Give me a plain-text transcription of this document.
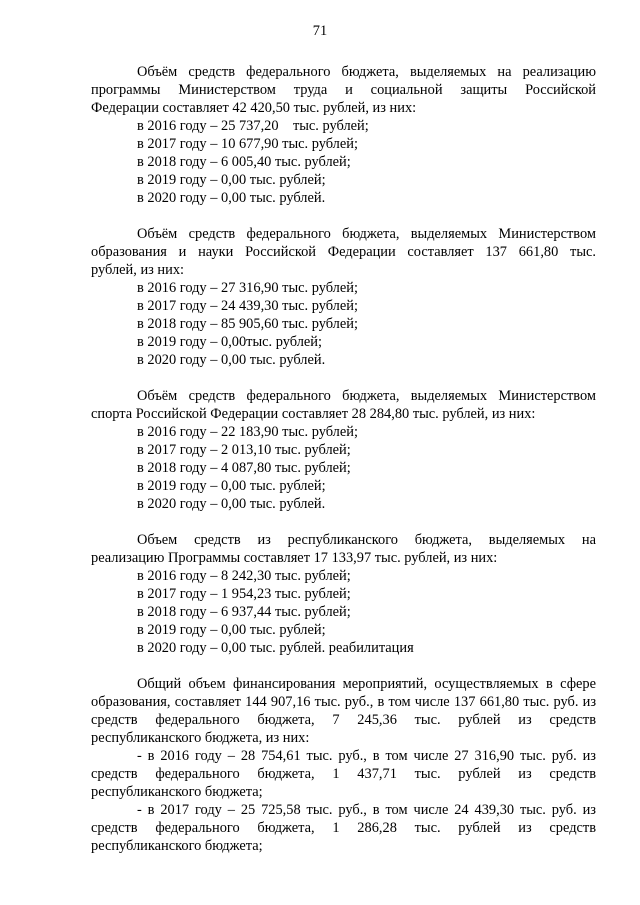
71
Объём средств федерального бюджета, выделяемых на реализацию
программы Министерством труда и социальной защиты Российской
Федерации составляет 42 420,50 тыс. рублей, из них:
в 2016 году – 25 737,20    тыс. рублей;
в 2017 году – 10 677,90 тыс. рублей;
в 2018 году – 6 005,40 тыс. рублей;
в 2019 году – 0,00 тыс. рублей;
в 2020 году – 0,00 тыс. рублей.
Объём средств федерального бюджета, выделяемых Министерством
образования и науки Российской Федерации составляет 137 661,80 тыс.
рублей, из них:
в 2016 году – 27 316,90 тыс. рублей;
в 2017 году – 24 439,30 тыс. рублей;
в 2018 году – 85 905,60 тыс. рублей;
в 2019 году – 0,00тыс. рублей;
в 2020 году – 0,00 тыс. рублей.
Объём средств федерального бюджета, выделяемых Министерством
спорта Российской Федерации составляет 28 284,80 тыс. рублей, из них:
в 2016 году – 22 183,90 тыс. рублей;
в 2017 году – 2 013,10 тыс. рублей;
в 2018 году – 4 087,80 тыс. рублей;
в 2019 году – 0,00 тыс. рублей;
в 2020 году – 0,00 тыс. рублей.
Объем средств из республиканского бюджета, выделяемых на
реализацию Программы составляет 17 133,97 тыс. рублей, из них:
в 2016 году – 8 242,30 тыс. рублей;
в 2017 году – 1 954,23 тыс. рублей;
в 2018 году – 6 937,44 тыс. рублей;
в 2019 году – 0,00 тыс. рублей;
в 2020 году – 0,00 тыс. рублей. реабилитация
Общий объем финансирования мероприятий, осуществляемых в сфере образования, составляет 144 907,16 тыс. руб., в том числе 137 661,80 тыс. руб. из средств федерального бюджета, 7 245,36 тыс. рублей из средств республиканского бюджета, из них:
- в 2016 году – 28 754,61 тыс. руб., в том числе 27 316,90 тыс. руб. из средств федерального бюджета, 1 437,71 тыс. рублей из средств республиканского бюджета;
- в 2017 году – 25 725,58 тыс. руб., в том числе 24 439,30 тыс. руб. из средств федерального бюджета, 1 286,28 тыс. рублей из средств республиканского бюджета;
